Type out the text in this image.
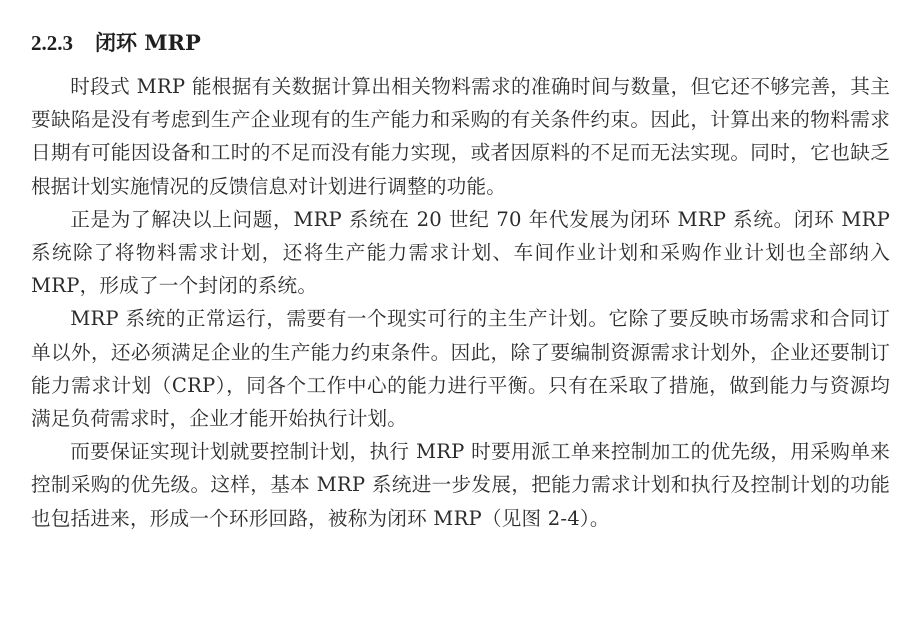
2.2.3 闭环 MRP

时段式 MRP 能根据有关数据计算出相关物料需求的准确时间与数量，但它还不够完善，其主要缺陷是没有考虑到生产企业现有的生产能力和采购的有关条件约束。因此，计算出来的物料需求日期有可能因设备和工时的不足而没有能力实现，或者因原料的不足而无法实现。同时，它也缺乏根据计划实施情况的反馈信息对计划进行调整的功能。

正是为了解决以上问题，MRP 系统在 20 世纪 70 年代发展为闭环 MRP 系统。闭环 MRP 系统除了将物料需求计划，还将生产能力需求计划、车间作业计划和采购作业计划也全部纳入 MRP，形成了一个封闭的系统。

MRP 系统的正常运行，需要有一个现实可行的主生产计划。它除了要反映市场需求和合同订单以外，还必须满足企业的生产能力约束条件。因此，除了要编制资源需求计划外，企业还要制订能力需求计划（CRP），同各个工作中心的能力进行平衡。只有在采取了措施，做到能力与资源均满足负荷需求时，企业才能开始执行计划。

而要保证实现计划就要控制计划，执行 MRP 时要用派工单来控制加工的优先级，用采购单来控制采购的优先级。这样，基本 MRP 系统进一步发展，把能力需求计划和执行及控制计划的功能也包括进来，形成一个环形回路，被称为闭环 MRP（见图 2-4）。
